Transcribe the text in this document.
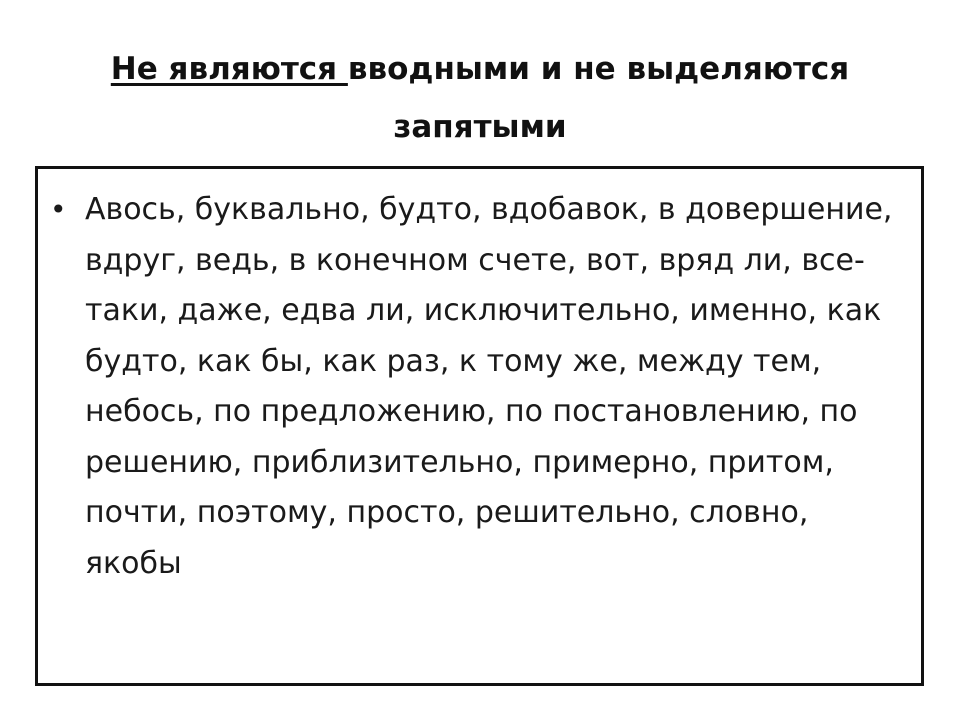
Не являются вводными и не выделяются запятыми
• Авось, буквально, будто, вдобавок, в довершение, вдруг, ведь, в конечном счете, вот, вряд ли, все-таки, даже, едва ли, исключительно, именно, как будто, как бы, как раз, к тому же, между тем, небось, по предложению, по постановлению, по решению, приблизительно, примерно, притом, почти, поэтому, просто, решительно, словно, якобы
